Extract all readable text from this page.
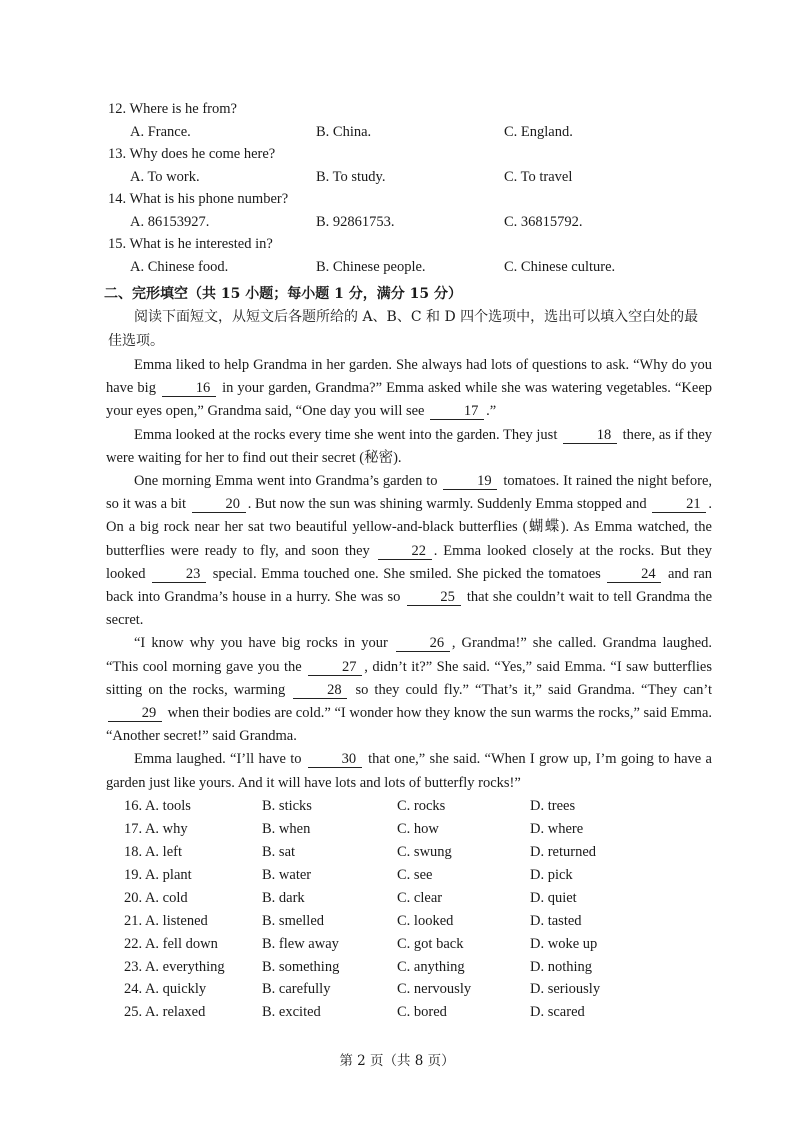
12. Where is he from?
A. France.	B. China.	C. England.
13. Why does he come here?
A. To work.	B. To study.	C. To travel
14. What is his phone number?
A. 86153927.	B. 92861753.	C. 36815792.
15. What is he interested in?
A. Chinese food.	B. Chinese people.	C. Chinese culture.
二、完形填空（共 15 小题；每小题 1 分，满分 15 分）
阅读下面短文，从短文后各题所给的 A、B、C 和 D 四个选项中，选出可以填入空白处的最佳选项。

Emma liked to help Grandma in her garden. She always had lots of questions to ask. “Why do you have big	16 in your garden, Grandma?” Emma asked while she was watering vegetables. “Keep your eyes open,” Grandma said, “One day you will see	17 .”

Emma looked at the rocks every time she went into the garden. They just	18 there, as if they were waiting for her to find out their secret (秘密).

One morning Emma went into Grandma’s garden to	19 tomatoes. It rained the night before, so it was a bit	20 . But now the sun was shining warmly. Suddenly Emma stopped and	21 . On a big rock near her sat two beautiful yellow-and-black butterflies (蝴蝶). As Emma watched, the butterflies were ready to fly, and soon they	22 . Emma looked closely at the rocks. But they looked	23 special. Emma touched one. She smiled. She picked the tomatoes	24 and ran back into Grandma’s house in a hurry. She was so	25 that she couldn’t wait to tell Grandma the secret.

“I know why you have big rocks in your	26 , Grandma!” she called. Grandma laughed. “This cool morning gave you the	27 , didn’t it?” She said. “Yes,” said Emma. “I saw butterflies sitting on the rocks, warming	28 so they could fly.” “That’s it,” said Grandma. “They can’t 29 when their bodies are cold.” “I wonder how they know the sun warms the rocks,” said Emma. “Another secret!” said Grandma.

Emma laughed. “I’ll have to	30 that one,” she said. “When I grow up, I’m going to have a garden just like yours. And it will have lots and lots of butterfly rocks!”

16. A. tools	B. sticks	C. rocks	D. trees
17. A. why	B. when	C. how	D. where
18. A. left	B. sat	C. swung	D. returned
19. A. plant	B. water	C. see	D. pick
20. A. cold	B. dark	C. clear	D. quiet
21. A. listened	B. smelled	C. looked	D. tasted
22. A. fell down	B. flew away	C. got back	D. woke up
23. A. everything	B. something	C. anything	D. nothing
24. A. quickly	B. carefully	C. nervously	D. seriously
25. A. relaxed	B. excited	C. bored	D. scared
第 2 页（共 8 页）
